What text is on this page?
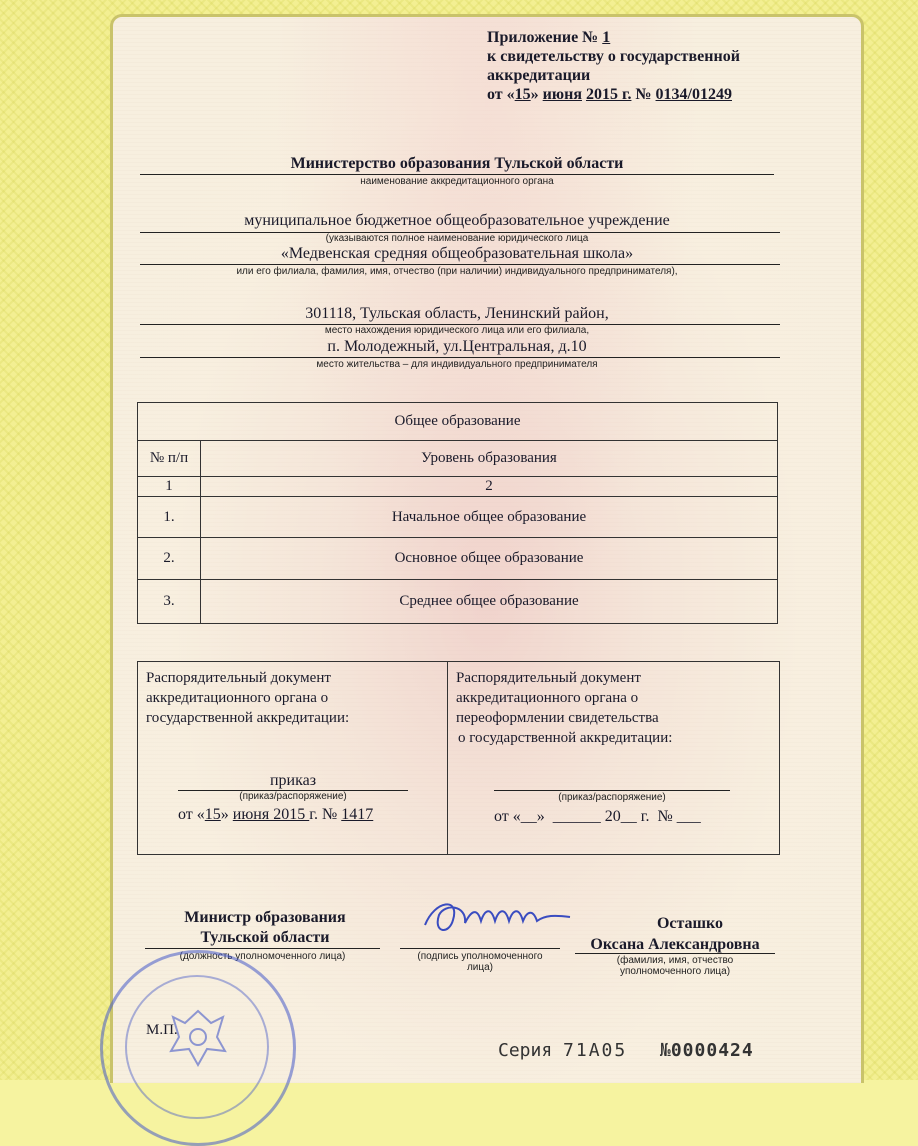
Приложение № 1
к свидетельству о государственной
аккредитации
от «15» июня 2015 г. № 0134/01249
Министерство образования Тульской области
наименование аккредитационного органа
муниципальное бюджетное общеобразовательное учреждение
(указываются полное наименование юридического лица
«Медвенская средняя общеобразовательная школа»
или его филиала, фамилия, имя, отчество (при наличии) индивидуального предпринимателя),
301118, Тульская область, Ленинский район,
место нахождения юридического лица или его филиала,
п. Молодежный, ул.Центральная, д.10
место жительства – для индивидуального предпринимателя
Общее образование	
№ п/п	Уровень образования
1	2
1.	Начальное общее образование
2.	Основное общее образование
3.	Среднее общее образование
Распорядительный документ
аккредитационного органа о
государственной аккредитации:
приказ
(приказ/распоряжение)
от «15» июня 2015 г. № 1417
Распорядительный документ
аккредитационного органа о
переоформлении свидетельства
о государственной аккредитации:
(приказ/распоряжение)
от «__»  ______ 20__ г.  № ___
Министр образования
Тульской области
(должность уполномоченного лица)	(подпись уполномоченного
лица)
Осташко
Оксана Александровна
(фамилия, имя, отчество
уполномоченного лица)
М.П.
Серия 71А05 №0000424
